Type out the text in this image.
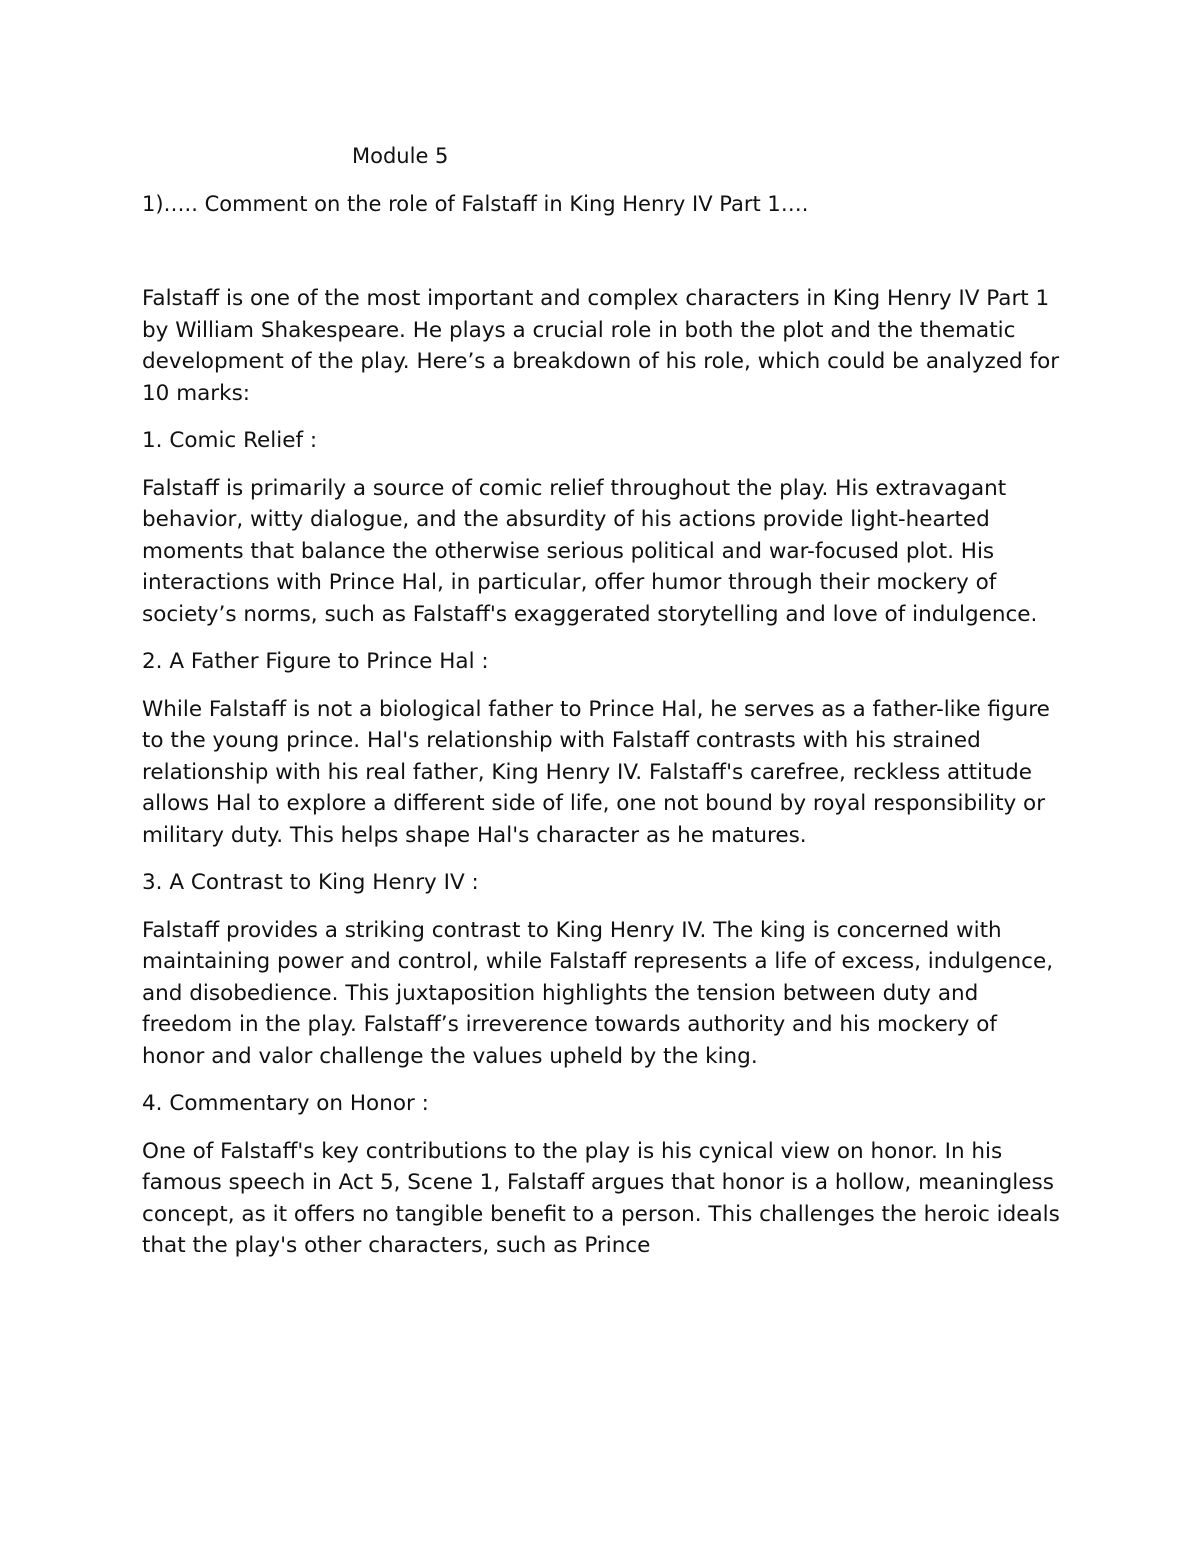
Module 5
1)….. Comment on the role of Falstaff in King Henry IV Part 1….

Falstaff is one of the most important and complex characters in King Henry IV Part 1 by William Shakespeare. He plays a crucial role in both the plot and the thematic development of the play. Here’s a breakdown of his role, which could be analyzed for 10 marks:

1. Comic Relief :

Falstaff is primarily a source of comic relief throughout the play. His extravagant behavior, witty dialogue, and the absurdity of his actions provide light-hearted moments that balance the otherwise serious political and war-focused plot. His interactions with Prince Hal, in particular, offer humor through their mockery of society’s norms, such as Falstaff's exaggerated storytelling and love of indulgence.

2. A Father Figure to Prince Hal :

While Falstaff is not a biological father to Prince Hal, he serves as a father-like figure to the young prince. Hal's relationship with Falstaff contrasts with his strained relationship with his real father, King Henry IV. Falstaff's carefree, reckless attitude allows Hal to explore a different side of life, one not bound by royal responsibility or military duty. This helps shape Hal's character as he matures.

3. A Contrast to King Henry IV :

Falstaff provides a striking contrast to King Henry IV. The king is concerned with maintaining power and control, while Falstaff represents a life of excess, indulgence, and disobedience. This juxtaposition highlights the tension between duty and freedom in the play. Falstaff’s irreverence towards authority and his mockery of honor and valor challenge the values upheld by the king.

4. Commentary on Honor :

One of Falstaff's key contributions to the play is his cynical view on honor. In his famous speech in Act 5, Scene 1, Falstaff argues that honor is a hollow, meaningless concept, as it offers no tangible benefit to a person. This challenges the heroic ideals that the play's other characters, such as Prince
